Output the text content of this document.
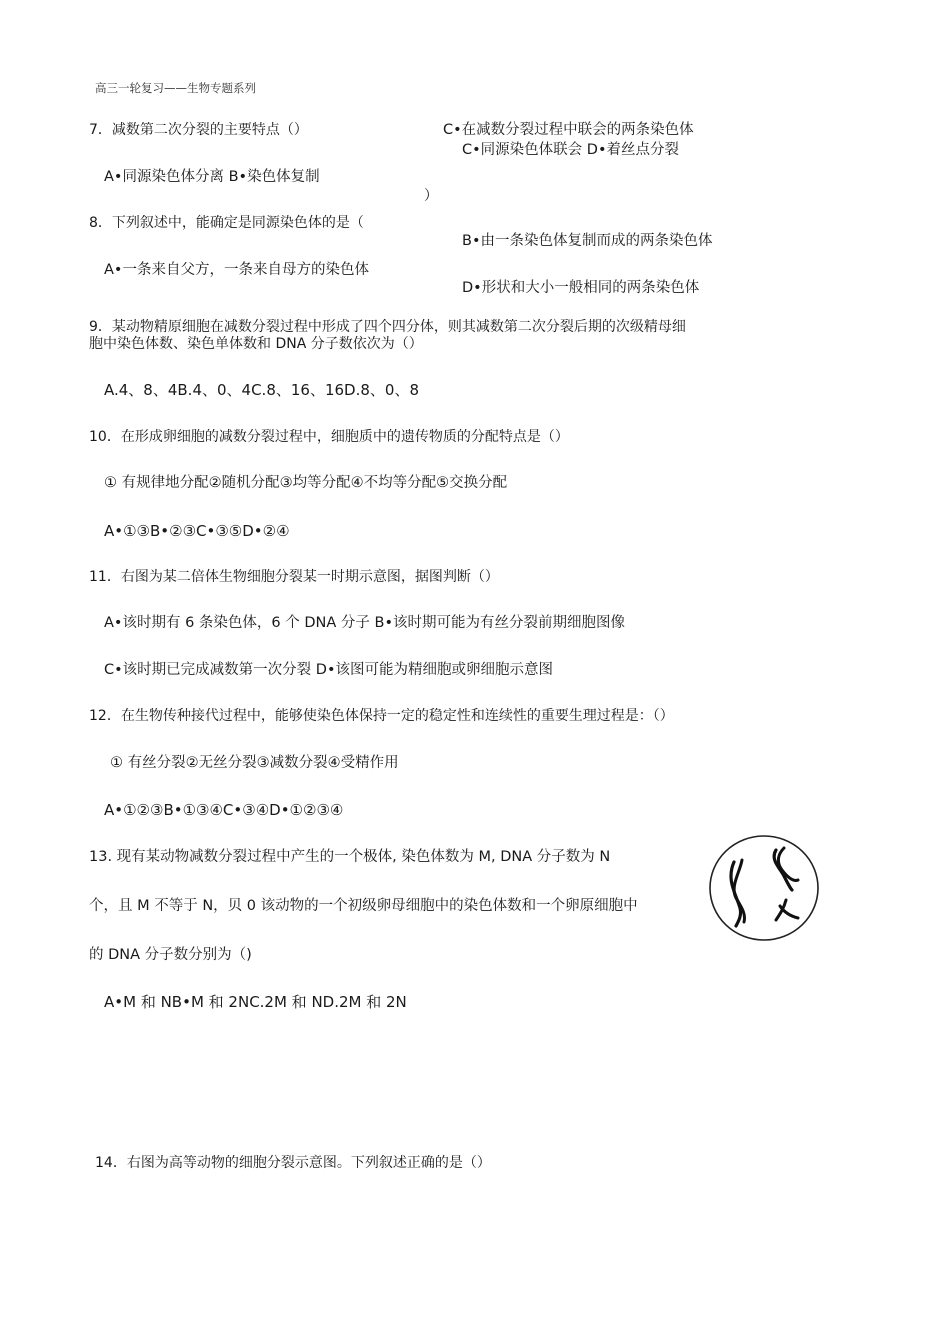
高三一轮复习——生物专题系列
7．减数第二次分裂的主要特点（）
A•同源染色体分离 B•染色体复制
C•在减数分裂过程中联会的两条染色体
C•同源染色体联会 D•着丝点分裂
）
8．下列叙述中，能确定是同源染色体的是（
B•由一条染色体复制而成的两条染色体
A•一条来自父方，一条来自母方的染色体
D•形状和大小一般相同的两条染色体
9．某动物精原细胞在减数分裂过程中形成了四个四分体，则其减数第二次分裂后期的次级精母细
胞中染色体数、染色单体数和 DNA 分子数依次为（）
A.4、8、4B.4、0、4C.8、16、16D.8、0、8
10．在形成卵细胞的减数分裂过程中，细胞质中的遗传物质的分配特点是（）
① 有规律地分配②随机分配③均等分配④不均等分配⑤交换分配
A•①③B•②③C•③⑤D•②④
11．右图为某二倍体生物细胞分裂某一时期示意图，据图判断（）
A•该时期有 6 条染色体，6 个 DNA 分子 B•该时期可能为有丝分裂前期细胞图像
C•该时期已完成减数第一次分裂 D•该图可能为精细胞或卵细胞示意图
12．在生物传种接代过程中，能够使染色体保持一定的稳定性和连续性的重要生理过程是：（）
① 有丝分裂②无丝分裂③减数分裂④受精作用
A•①②③B•①③④C•③④D•①②③④
13. 现有某动物减数分裂过程中产生的一个极体, 染色体数为 M, DNA 分子数为 N
个，且 M 不等于 N，贝 0 该动物的一个初级卵母细胞中的染色体数和一个卵原细胞中
的 DNA 分子数分别为（)
A•M 和 NB•M 和 2NC.2M 和 ND.2M 和 2N
14．右图为高等动物的细胞分裂示意图。下列叙述正确的是（）
